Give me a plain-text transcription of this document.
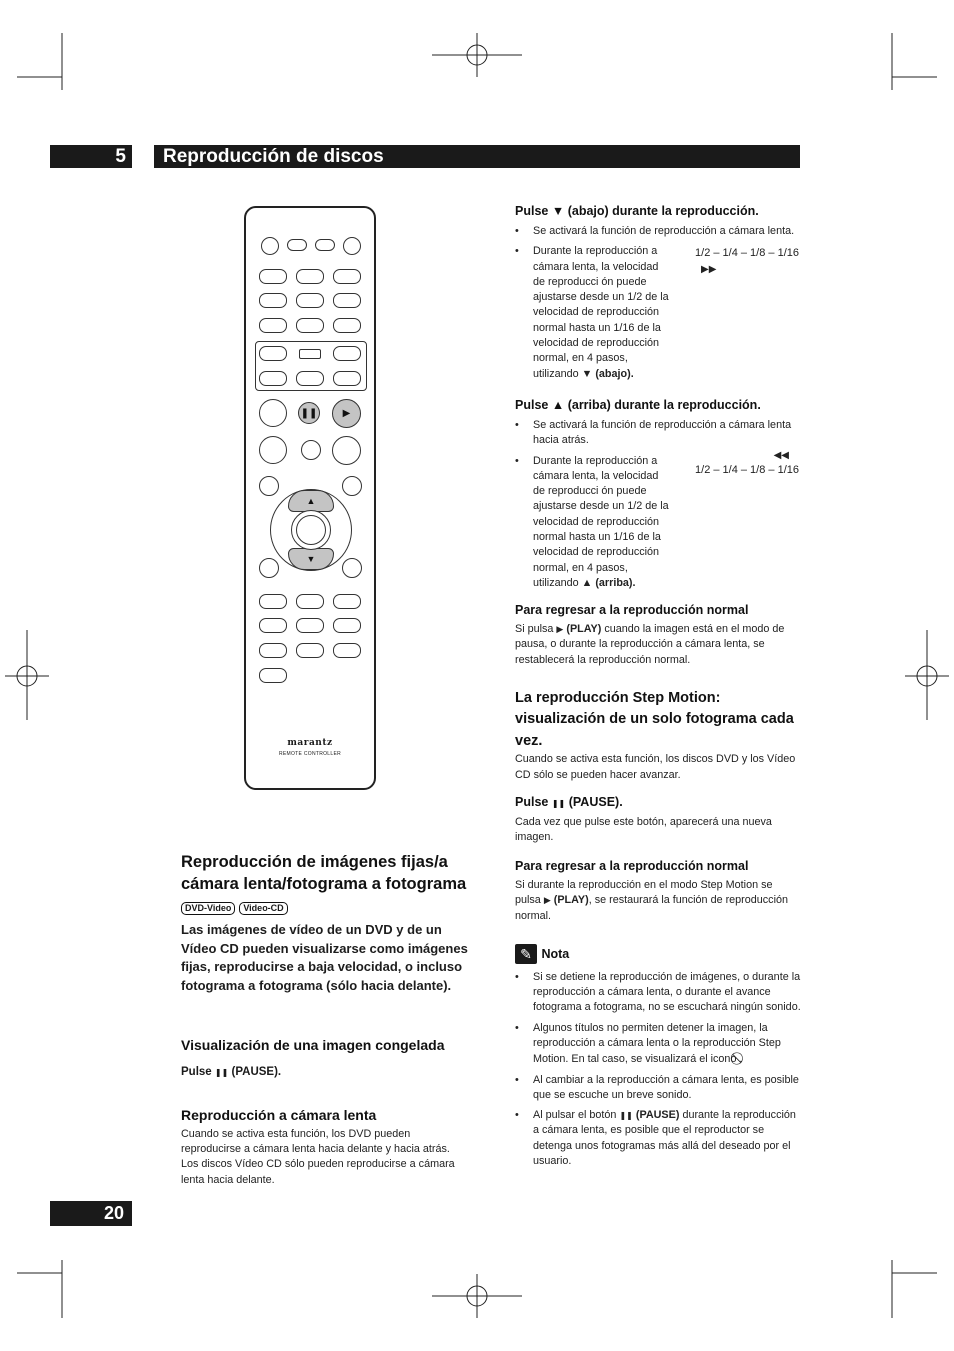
5	Reproducción de discos
❚❚	▶
▲
▼
marantz
REMOTE CONTROLLER
Reproducción de imágenes fijas/a
cámara lenta/fotograma a fotograma
DVD-Video Video-CD
Las imágenes de vídeo de un DVD y de un Vídeo CD pueden visualizarse como imágenes fijas, reproducirse a baja velocidad, o incluso fotograma a fotograma (sólo hacia delante).
Visualización de una imagen congelada
Pulse ❚❚ (PAUSE).
Reproducción a cámara lenta
Cuando se activa esta función, los DVD pueden reproducirse a cámara lenta hacia delante y hacia atrás. Los discos Vídeo CD sólo pueden reproducirse a cámara lenta hacia delante.
20
Pulse ▼ (abajo) durante la reproducción.
• Se activará la función de reproducción a cámara lenta.
• 1/2 – 1/4 – 1/8 – 1/16
▶▶
Durante la reproducción a cámara lenta, la velocidad de reproducci ón puede ajustarse desde un 1/2 de la velocidad de reproducción normal hasta un 1/16 de la velocidad de reproducción normal, en 4 pasos, utilizando ▼ (abajo).
Pulse ▲ (arriba) durante la reproducción.
• Se activará la función de reproducción a cámara lenta hacia atrás.
• ◀◀
1/2 – 1/4 – 1/8 – 1/16
Durante la reproducción a cámara lenta, la velocidad de reproducci ón puede ajustarse desde un 1/2 de la velocidad de reproducción normal hasta un 1/16 de la velocidad de reproducción normal, en 4 pasos, utilizando ▲ (arriba).
Para regresar a la reproducción normal
Si pulsa ▶ (PLAY) cuando la imagen está en el modo de pausa, o durante la reproducción a cámara lenta, se restablecerá la reproducción normal.
La reproducción Step Motion: visualización de un solo fotograma cada vez.
Cuando se activa esta función, los discos DVD y los Vídeo CD sólo se pueden hacer avanzar.
Pulse ❚❚ (PAUSE).
Cada vez que pulse este botón, aparecerá una nueva imagen.
Para regresar a la reproducción normal
Si durante la reproducción en el modo Step Motion se pulsa ▶ (PLAY), se restaurará la función de reproducción normal.
✎ Nota
• Si se detiene la reproducción de imágenes, o durante la reproducción a cámara lenta, o durante el avance fotograma a fotograma, no se escuchará ningún sonido.
• Algunos títulos no permiten detener la imagen, la reproducción a cámara lenta o la reproducción Step Motion. En tal caso, se visualizará el icono .
• Al cambiar a la reproducción a cámara lenta, es posible que se escuche un breve sonido.
• Al pulsar el botón ❚❚ (PAUSE) durante la reproducción a cámara lenta, es posible que el reproductor se detenga unos fotogramas más allá del deseado por el usuario.
